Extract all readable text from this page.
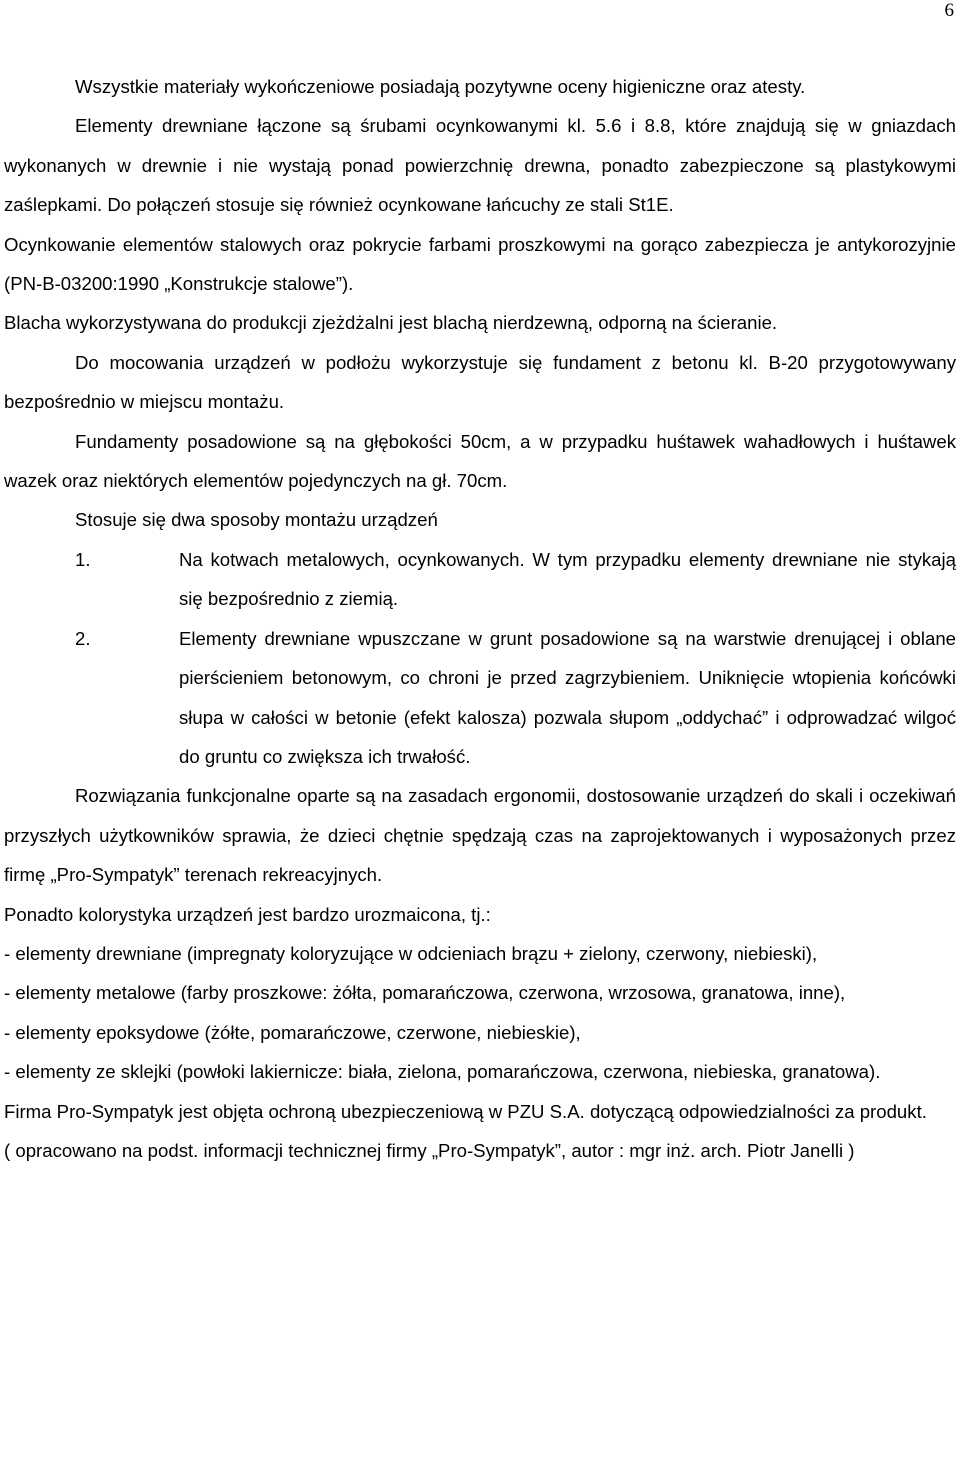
6

Wszystkie materiały wykończeniowe posiadają pozytywne oceny higieniczne oraz atesty.

Elementy drewniane łączone są śrubami ocynkowanymi kl. 5.6 i 8.8, które znajdują się w gniazdach wykonanych w drewnie i nie wystają ponad powierzchnię drewna, ponadto zabezpieczone są plastykowymi zaślepkami. Do połączeń stosuje się również ocynkowane łańcuchy ze stali St1E.

Ocynkowanie elementów stalowych oraz pokrycie farbami proszkowymi na gorąco zabezpiecza je antykorozyjnie (PN-B-03200:1990 „Konstrukcje stalowe”).

Blacha wykorzystywana do produkcji zjeżdżalni jest blachą nierdzewną, odporną na ścieranie.

Do mocowania urządzeń w podłożu wykorzystuje się fundament z betonu kl. B-20 przygotowywany bezpośrednio w miejscu montażu.

Fundamenty posadowione są na głębokości 50cm, a w przypadku huśtawek wahadłowych i huśtawek wazek oraz niektórych elementów pojedynczych na gł. 70cm.

Stosuje się dwa sposoby montażu urządzeń

1.	Na kotwach metalowych, ocynkowanych. W tym przypadku elementy drewniane nie stykają się bezpośrednio z ziemią.
2.	Elementy drewniane wpuszczane w grunt posadowione są na warstwie drenującej i oblane pierścieniem betonowym, co chroni je przed zagrzybieniem. Uniknięcie wtopienia końcówki słupa w całości w betonie (efekt kalosza) pozwala słupom „oddychać” i odprowadzać wilgoć do gruntu co zwiększa ich trwałość.

Rozwiązania funkcjonalne oparte są na zasadach ergonomii, dostosowanie urządzeń do skali i oczekiwań przyszłych użytkowników sprawia, że dzieci chętnie spędzają czas na zaprojektowanych i wyposażonych przez firmę „Pro-Sympatyk” terenach rekreacyjnych.

Ponadto kolorystyka urządzeń jest bardzo urozmaicona, tj.:

- elementy drewniane (impregnaty koloryzujące w odcieniach brązu + zielony, czerwony, niebieski),

- elementy metalowe (farby proszkowe: żółta, pomarańczowa, czerwona, wrzosowa, granatowa, inne),

- elementy epoksydowe (żółte, pomarańczowe, czerwone, niebieskie),

- elementy ze sklejki (powłoki lakiernicze: biała, zielona, pomarańczowa, czerwona, niebieska, granatowa).

Firma Pro-Sympatyk jest objęta ochroną ubezpieczeniową w PZU S.A. dotyczącą odpowiedzialności za produkt.

( opracowano na podst. informacji technicznej firmy „Pro-Sympatyk”, autor : mgr inż. arch. Piotr Janelli )
